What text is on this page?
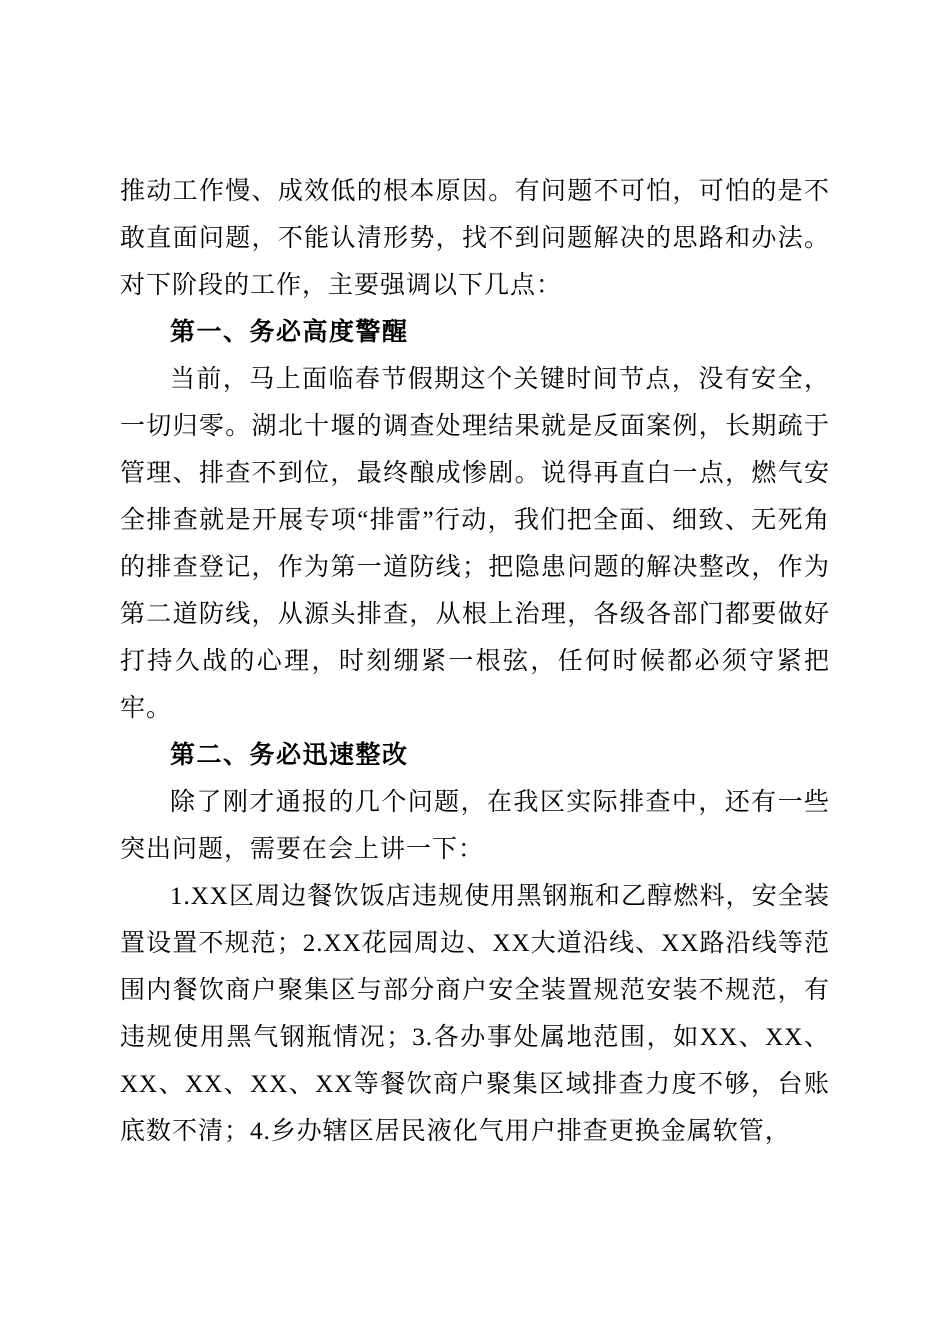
推动工作慢、成效低的根本原因。有问题不可怕，可怕的是不敢直面问题，不能认清形势，找不到问题解决的思路和办法。对下阶段的工作，主要强调以下几点：

第一、务必高度警醒

当前，马上面临春节假期这个关键时间节点，没有安全，一切归零。湖北十堰的调查处理结果就是反面案例，长期疏于管理、排查不到位，最终酿成惨剧。说得再直白一点，燃气安全排查就是开展专项“排雷”行动，我们把全面、细致、无死角的排查登记，作为第一道防线；把隐患问题的解决整改，作为第二道防线，从源头排查，从根上治理，各级各部门都要做好打持久战的心理，时刻绷紧一根弦，任何时候都必须守紧把牢。

第二、务必迅速整改

除了刚才通报的几个问题，在我区实际排查中，还有一些突出问题，需要在会上讲一下：

1.XX区周边餐饮饭店违规使用黑钢瓶和乙醇燃料，安全装置设置不规范；2.XX花园周边、XX大道沿线、XX路沿线等范围内餐饮商户聚集区与部分商户安全装置规范安装不规范，有违规使用黑气钢瓶情况；3.各办事处属地范围，如XX、XX、XX、XX、XX、XX等餐饮商户聚集区域排查力度不够，台账底数不清；4.乡办辖区居民液化气用户排查更换金属软管，
